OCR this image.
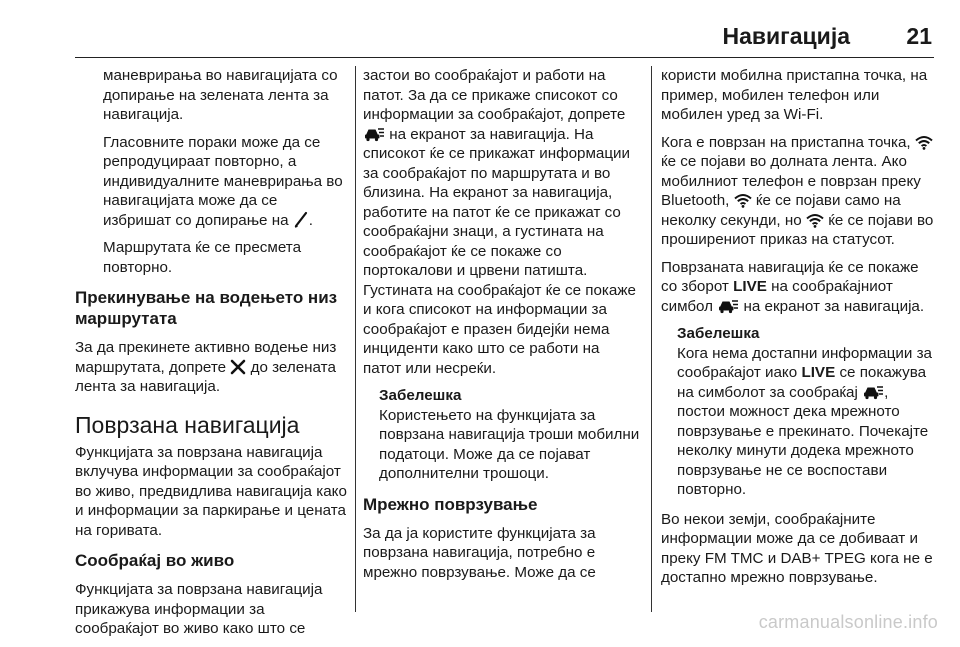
Навигација 21

маневрирања во навигацијата со допирање на зелената лента за навигација.

Гласовните пораки може да се репродуцираат повторно, а индивидуалните маневрирања во навигацијата може да се избришат со допирање на .

Маршрутата ќе се пресмета повторно.

Прекинување на водењето низ маршрутата

За да прекинете активно водење низ маршрутата, допрете до зелената лента за навигација.

Поврзана навигација

Функцијата за поврзана навигација вклучува информации за сообраќајот во живо, предвидлива навигација како и информации за паркирање и цената на горивата.

Сообраќај во живо

Функцијата за поврзана навигација прикажува информации за сообраќајот во живо како што се

застои во сообраќајот и работи на патот. За да се прикаже списокот со информации за сообраќајот, допрете
на екранот за навигација. На списокот ќе се прикажат информации за сообраќајот по маршрутата и во близина. На екранот за навигација, работите на патот ќе се прикажат со сообраќајни знаци, а густината на сообраќајот ќе се покаже со портокалови и црвени патишта. Густината на сообраќајот ќе се покаже и кога списокот на информации за сообраќајот е празен бидејќи нема инциденти како што се работи на патот или несреќи.

Забелешка

Користењето на функцијата за поврзана навигација троши мобилни податоци. Може да се појават дополнителни трошоци.

Мрежно поврзување

За да ја користите функцијата за поврзана навигација, потребно е мрежно поврзување. Може да се

користи мобилна пристапна точка, на пример, мобилен телефон или мобилен уред за Wi-Fi.

Кога е поврзан на пристапна точка,
ќе се појави во долната лента. Ако мобилниот телефон е поврзан преку Bluetooth, ќе се појави само на неколку секунди, но ќе се појави во проширениот приказ на статусот.

Поврзаната навигација ќе се покаже со зборот LIVE на сообраќајниот симбол на екранот за навигација.

Забелешка

Кога нема достапни информации за сообраќајот иако LIVE се покажува на симболот за сообраќај , постои можност дека мрежното поврзување е прекинато. Почекајте неколку минути додека мрежното поврзување не се воспостави повторно.

Во некои земји, сообраќајните информации може да се добиваат и преку FM TMC и DAB+ TPEG кога не е достапно мрежно поврзување.

carmanualsonline.info
